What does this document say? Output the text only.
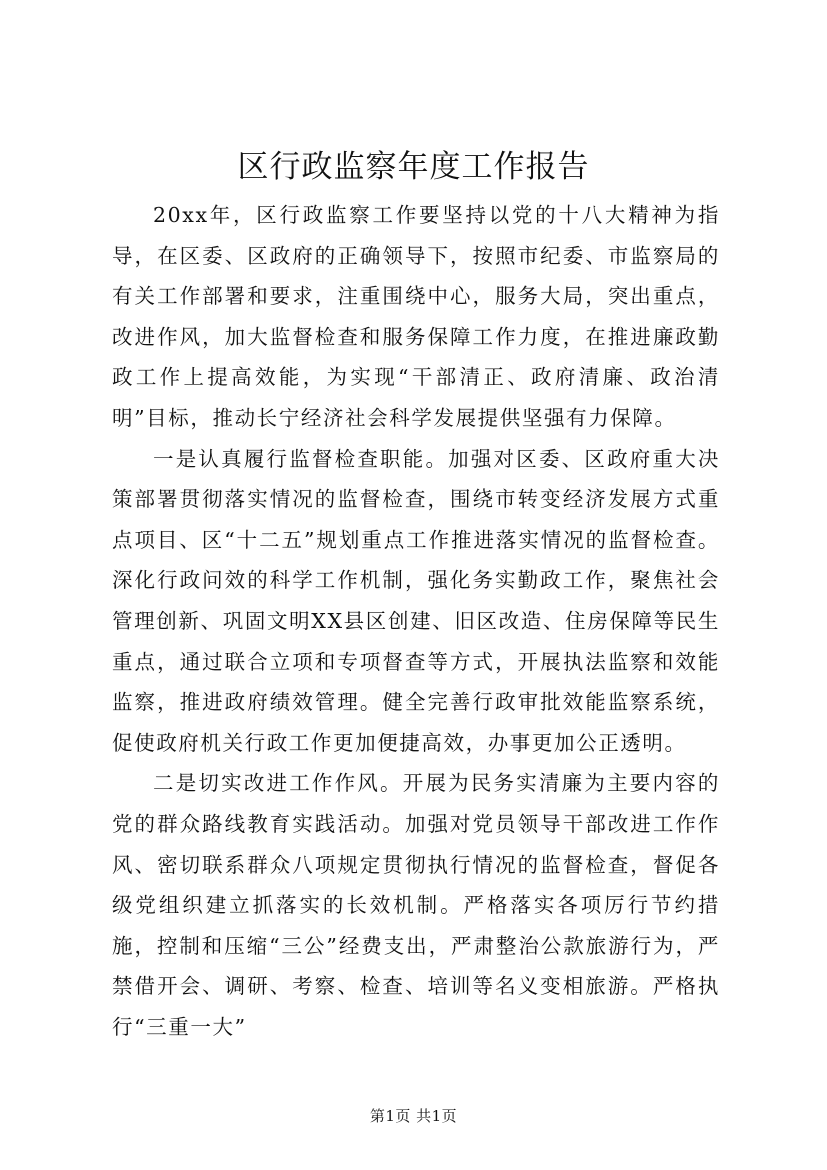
区行政监察年度工作报告

20xx年，区行政监察工作要坚持以党的十八大精神为指导，在区委、区政府的正确领导下，按照市纪委、市监察局的有关工作部署和要求，注重围绕中心，服务大局，突出重点，改进作风，加大监督检查和服务保障工作力度，在推进廉政勤政工作上提高效能，为实现“干部清正、政府清廉、政治清明”目标，推动长宁经济社会科学发展提供坚强有力保障。

一是认真履行监督检查职能。加强对区委、区政府重大决策部署贯彻落实情况的监督检查，围绕市转变经济发展方式重点项目、区“十二五”规划重点工作推进落实情况的监督检查。深化行政问效的科学工作机制，强化务实勤政工作，聚焦社会管理创新、巩固文明XX县区创建、旧区改造、住房保障等民生重点，通过联合立项和专项督查等方式，开展执法监察和效能监察，推进政府绩效管理。健全完善行政审批效能监察系统，促使政府机关行政工作更加便捷高效，办事更加公正透明。

二是切实改进工作作风。开展为民务实清廉为主要内容的党的群众路线教育实践活动。加强对党员领导干部改进工作作风、密切联系群众八项规定贯彻执行情况的监督检查，督促各级党组织建立抓落实的长效机制。严格落实各项厉行节约措施，控制和压缩“三公”经费支出，严肃整治公款旅游行为，严禁借开会、调研、考察、检查、培训等名义变相旅游。严格执行“三重一大”

第1页 共1页
